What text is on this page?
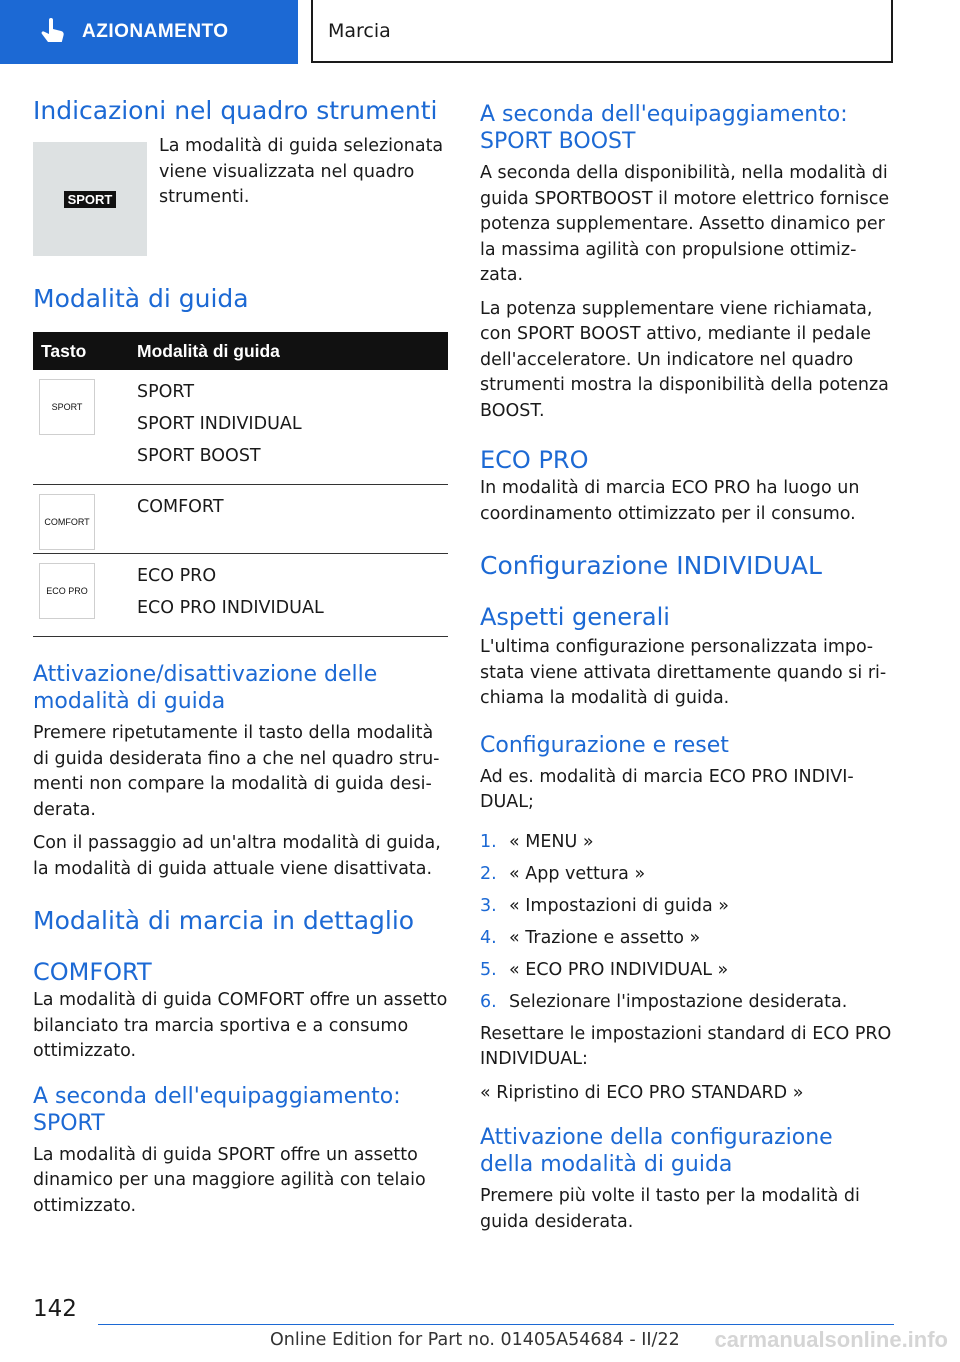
AZIONAMENTO	Marcia
Indicazioni nel quadro strumenti
SPORT

La modalità di guida selezionata viene visualizzata nel quadro strumenti.

Modalità di guida
Tasto	Modalità di guida

SPORT	SPORT
SPORT INDIVIDUAL
SPORT BOOST

COMFORT	COMFORT

ECO PRO	ECO PRO
ECO PRO INDIVIDUAL
Attivazione/disattivazione delle modalità di guida

Premere ripetutamente il tasto della modalità di guida desiderata fino a che nel quadro strumenti non compare la modalità di guida desiderata.

Con il passaggio ad un'altra modalità di guida, la modalità di guida attuale viene disattivata.

Modalità di marcia in dettaglio
COMFORT

La modalità di guida COMFORT offre un assetto bilanciato tra marcia sportiva e a consumo ottimizzato.

A seconda dell'equipaggiamento: SPORT

La modalità di guida SPORT offre un assetto dinamico per una maggiore agilità con telaio ottimizzato.

A seconda dell'equipaggiamento: SPORT BOOST

A seconda della disponibilità, nella modalità di guida SPORTBOOST il motore elettrico fornisce potenza supplementare. Assetto dinamico per la massima agilità con propulsione ottimizzata.

La potenza supplementare viene richiamata, con SPORT BOOST attivo, mediante il pedale dell'acceleratore. Un indicatore nel quadro strumenti mostra la disponibilità della potenza BOOST.

ECO PRO

In modalità di marcia ECO PRO ha luogo un coordinamento ottimizzato per il consumo.

Configurazione INDIVIDUAL
Aspetti generali

L'ultima configurazione personalizzata impostata viene attivata direttamente quando si richiama la modalità di guida.

Configurazione e reset

Ad es. modalità di marcia ECO PRO INDIVIDUAL;

1. « MENU »
2. « App vettura »
3. « Impostazioni di guida »
4. « Trazione e assetto »
5. « ECO PRO INDIVIDUAL »
6. Selezionare l'impostazione desiderata.

Resettare le impostazioni standard di ECO PRO INDIVIDUAL:

« Ripristino di ECO PRO STANDARD »

Attivazione della configurazione della modalità di guida

Premere più volte il tasto per la modalità di guida desiderata.

142
Online Edition for Part no. 01405A54684 - II/22 carmanualsonline.info
